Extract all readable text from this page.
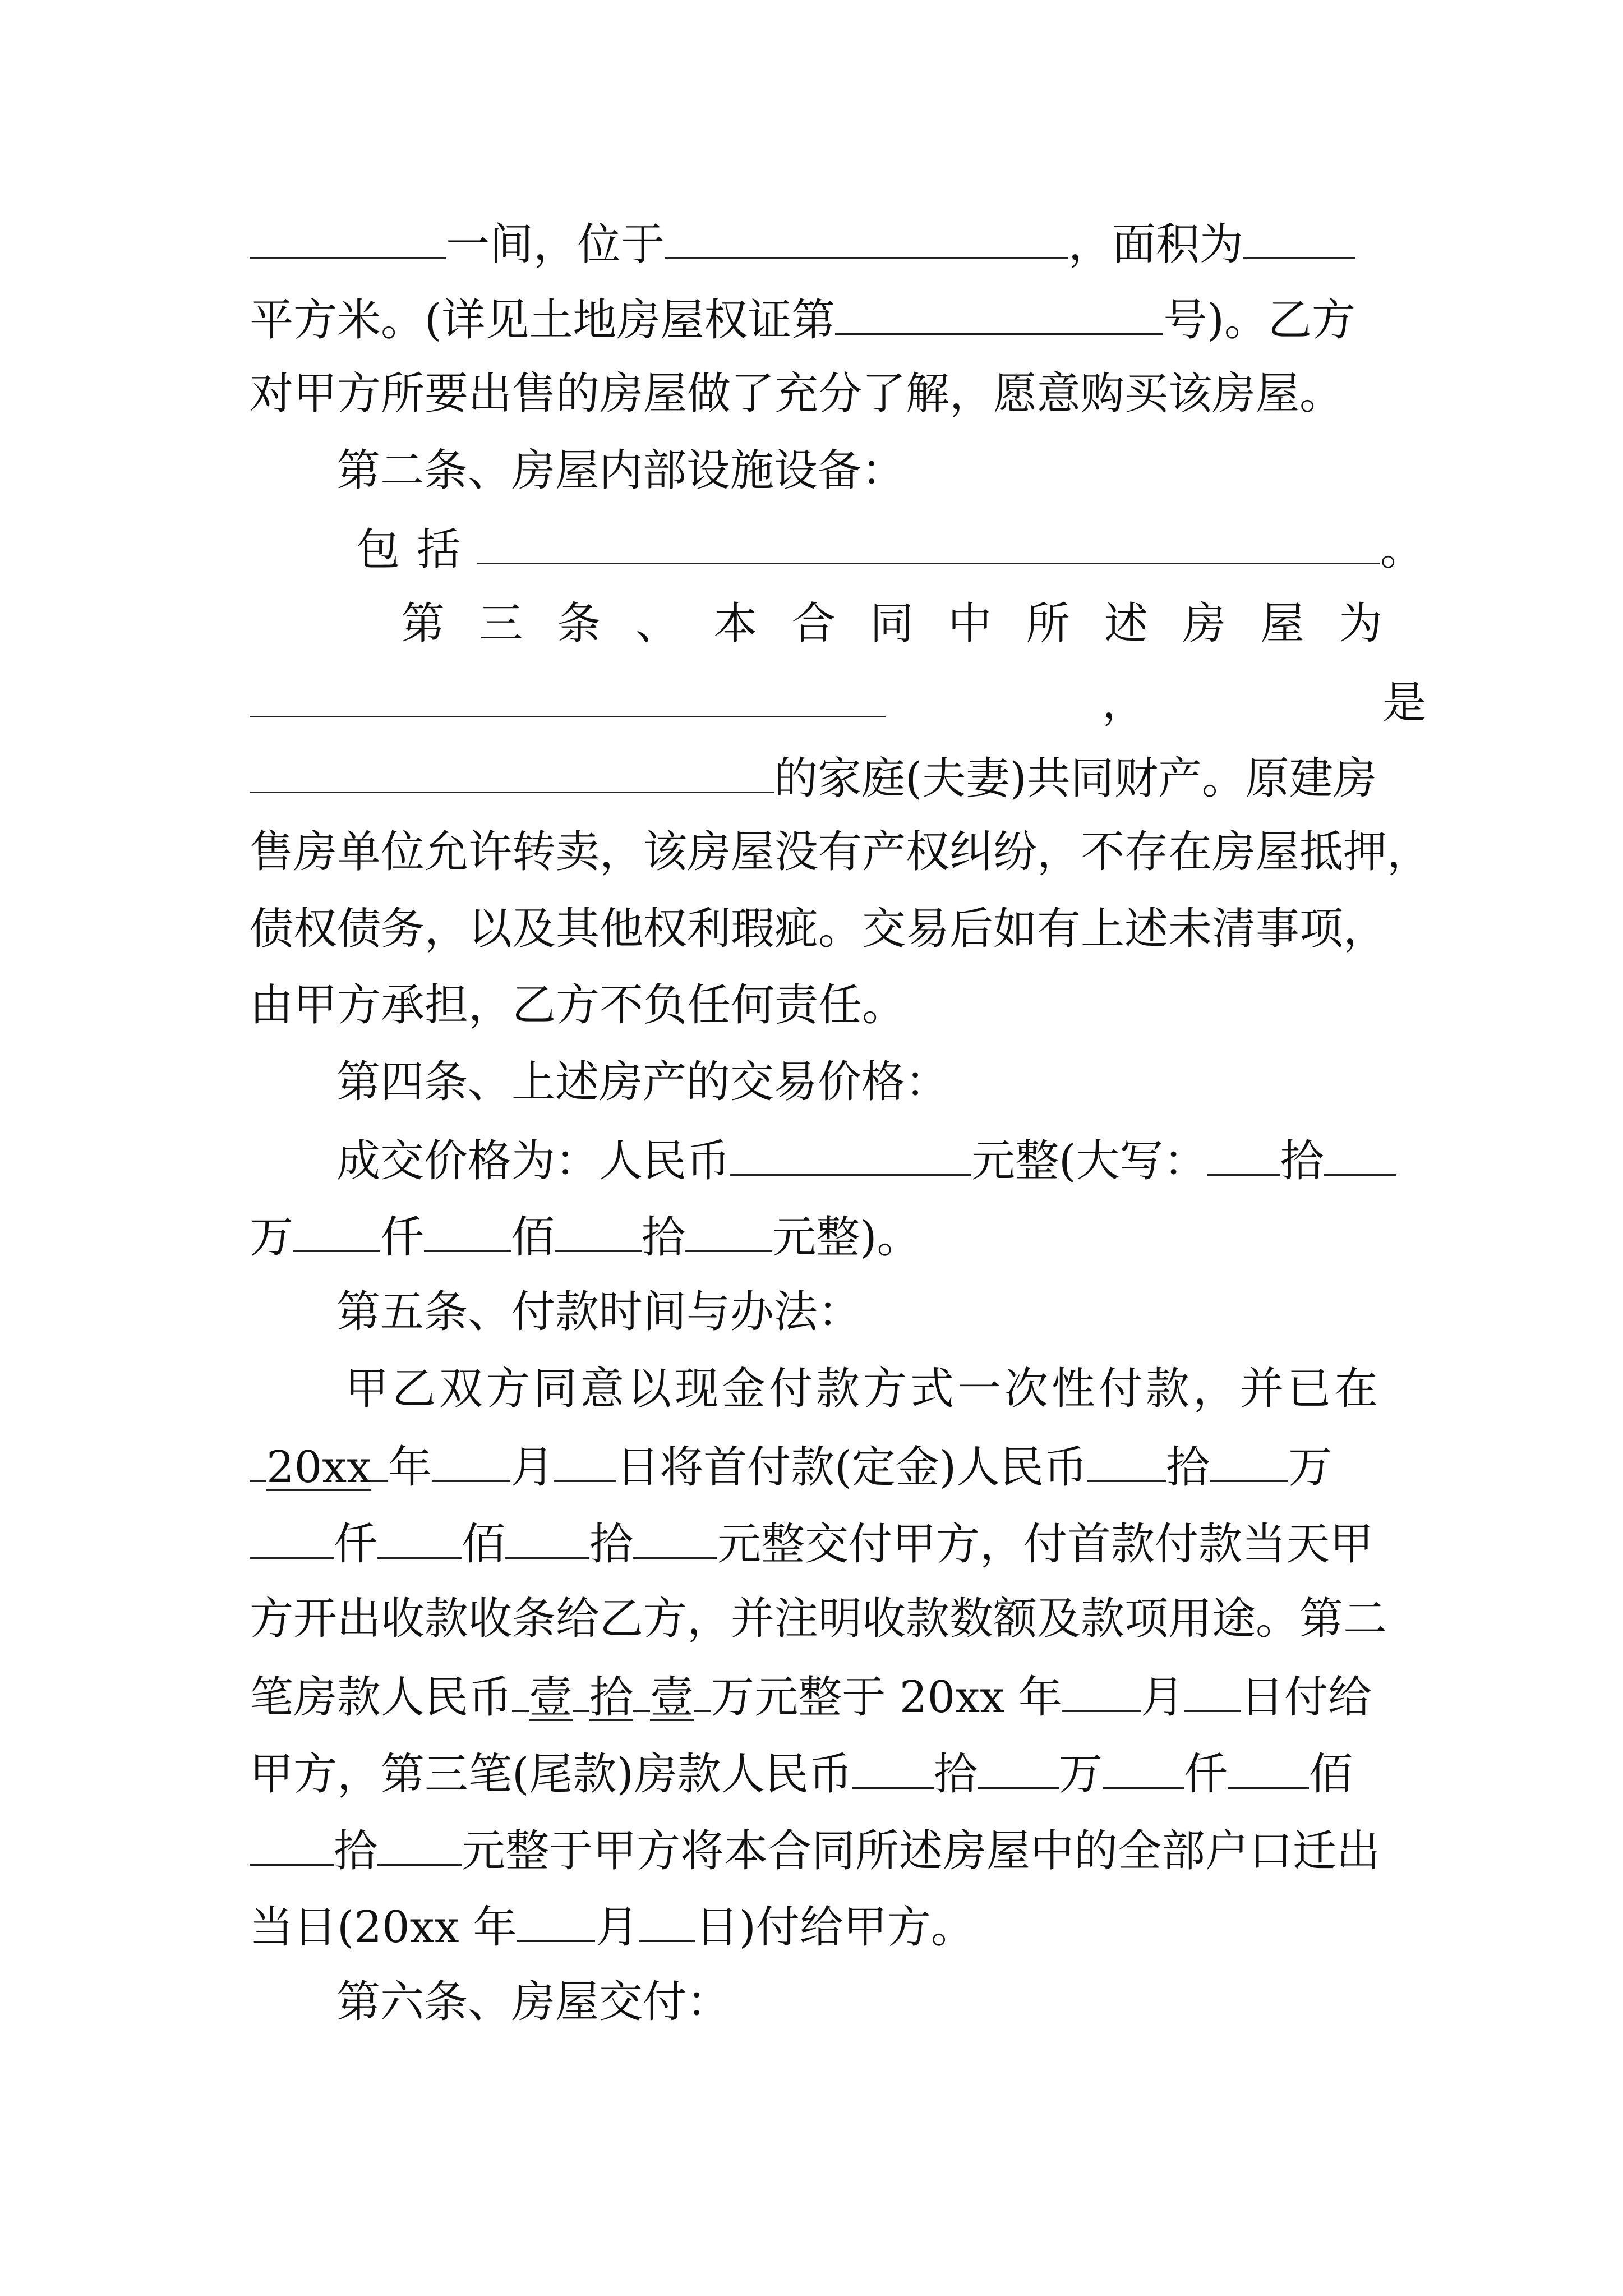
一间，位于	，面积为
平方米。(详见土地房屋权证第	号)。乙方
对甲方所要出售的房屋做了充分了解，愿意购买该房屋。
第二条、房屋内部设施设备：
包 括	。
第 三 条 、 本 合 同 中 所 述 房 屋 为
，	是
的家庭(夫妻)共同财产。原建房
售房单位允许转卖，该房屋没有产权纠纷，不存在房屋抵押，
债权债务，以及其他权利瑕疵。交易后如有上述未清事项，
由甲方承担，乙方不负任何责任。
第四条、上述房产的交易价格：
成交价格为：人民币	元整(大写： 拾
万 仟 佰 拾 元整)。
第五条、付款时间与办法：
甲乙双方同意以现金付款方式一次性付款，并已在
20xx 年 月 日将首付款(定金)人民币 拾 万
仟 佰 拾 元整交付甲方，付首款付款当天甲
方开出收款收条给乙方，并注明收款数额及款项用途。第二
笔房款人民币 壹 拾 壹 万元整于 20xx 年 月 日付给
甲方，第三笔(尾款)房款人民币 拾 万 仟 佰
拾 元整于甲方将本合同所述房屋中的全部户口迁出
当日(20xx 年 月 日)付给甲方。
第六条、房屋交付：
